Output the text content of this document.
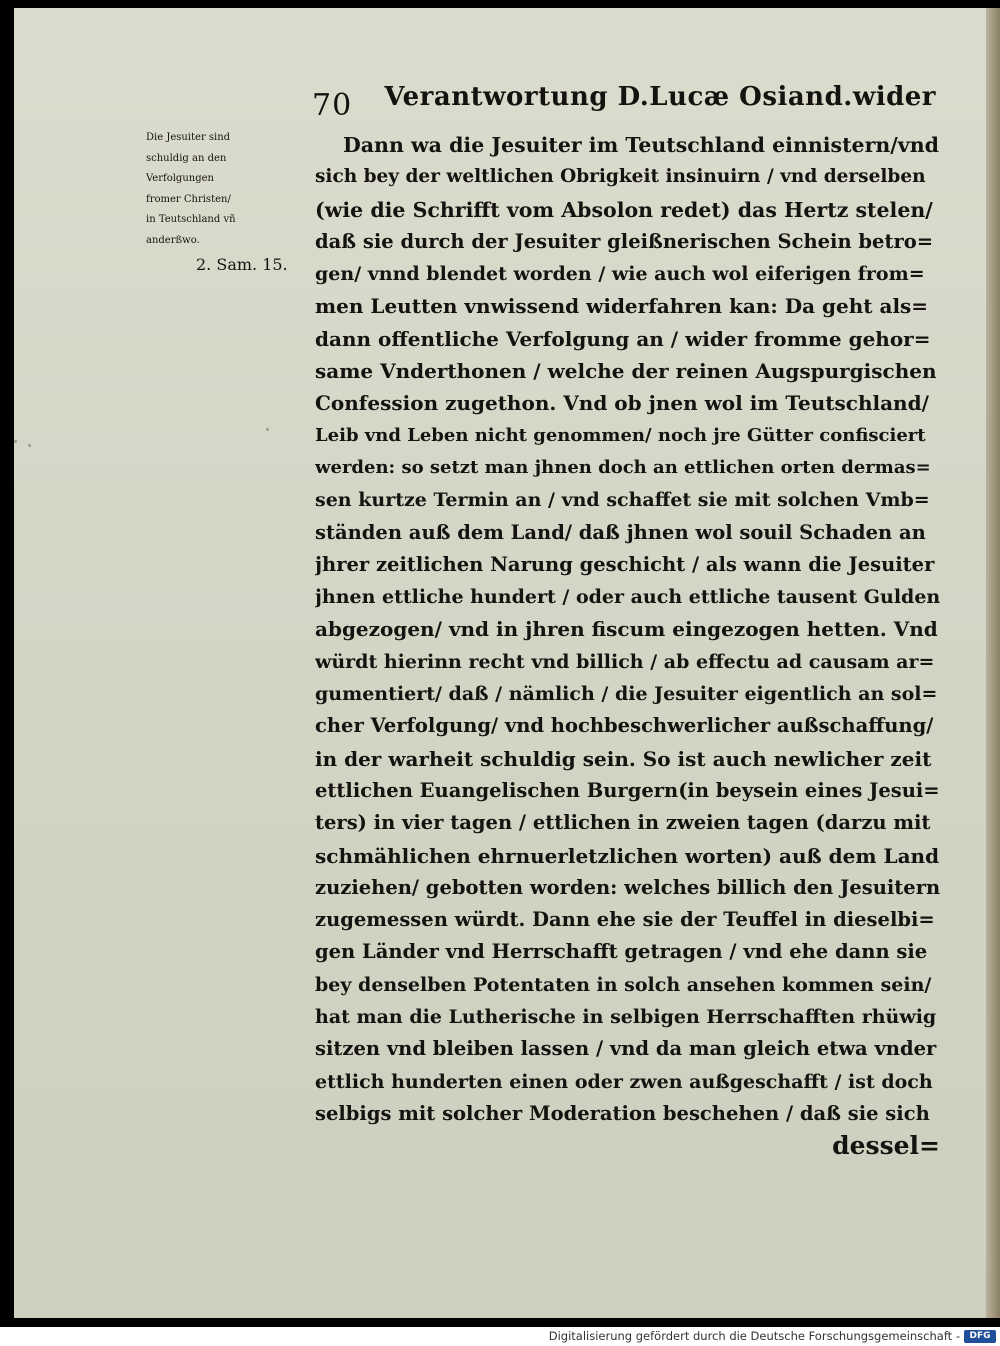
70 Verantwortung D.Lucæ Osiand.wider
Die Jesuiter sind
schuldig an den
Verfolgungen
fromer Christen/
in Teutschland vñ
anderßwo.
2. Sam. 15.
Dann wa die Jesuiter im Teutschland einnistern/vnd
sich bey der weltlichen Obrigkeit insinuirn / vnd derselben
(wie die Schrifft vom Absolon redet) das Hertz stelen/
daß sie durch der Jesuiter gleißnerischen Schein betro=
gen/ vnnd blendet worden / wie auch wol eiferigen from=
men Leutten vnwissend widerfahren kan: Da geht als=
dann offentliche Verfolgung an / wider fromme gehor=
same Vnderthonen / welche der reinen Augspurgischen
Confession zugethon. Vnd ob jnen wol im Teutschland/
Leib vnd Leben nicht genommen/ noch jre Gütter confisciert
werden: so setzt man jhnen doch an ettlichen orten dermas=
sen kurtze Termin an / vnd schaffet sie mit solchen Vmb=
ständen auß dem Land/ daß jhnen wol souil Schaden an
jhrer zeitlichen Narung geschicht / als wann die Jesuiter
jhnen ettliche hundert / oder auch ettliche tausent Gulden
abgezogen/ vnd in jhren fiscum eingezogen hetten. Vnd
würdt hierinn recht vnd billich / ab effectu ad causam ar=
gumentiert/ daß / nämlich / die Jesuiter eigentlich an sol=
cher Verfolgung/ vnd hochbeschwerlicher außschaffung/
in der warheit schuldig sein. So ist auch newlicher zeit
ettlichen Euangelischen Burgern(in beysein eines Jesui=
ters) in vier tagen / ettlichen in zweien tagen (darzu mit
schmählichen ehrnuerletzlichen worten) auß dem Land
zuziehen/ gebotten worden: welches billich den Jesuitern
zugemessen würdt. Dann ehe sie der Teuffel in dieselbi=
gen Länder vnd Herrschafft getragen / vnd ehe dann sie
bey denselben Potentaten in solch ansehen kommen sein/
hat man die Lutherische in selbigen Herrschafften rhüwig
sitzen vnd bleiben lassen / vnd da man gleich etwa vnder
ettlich hunderten einen oder zwen außgeschafft / ist doch
selbigs mit solcher Moderation beschehen / daß sie sich
dessel=
Digitalisierung gefördert durch die Deutsche Forschungsgemeinschaft -	DFG
